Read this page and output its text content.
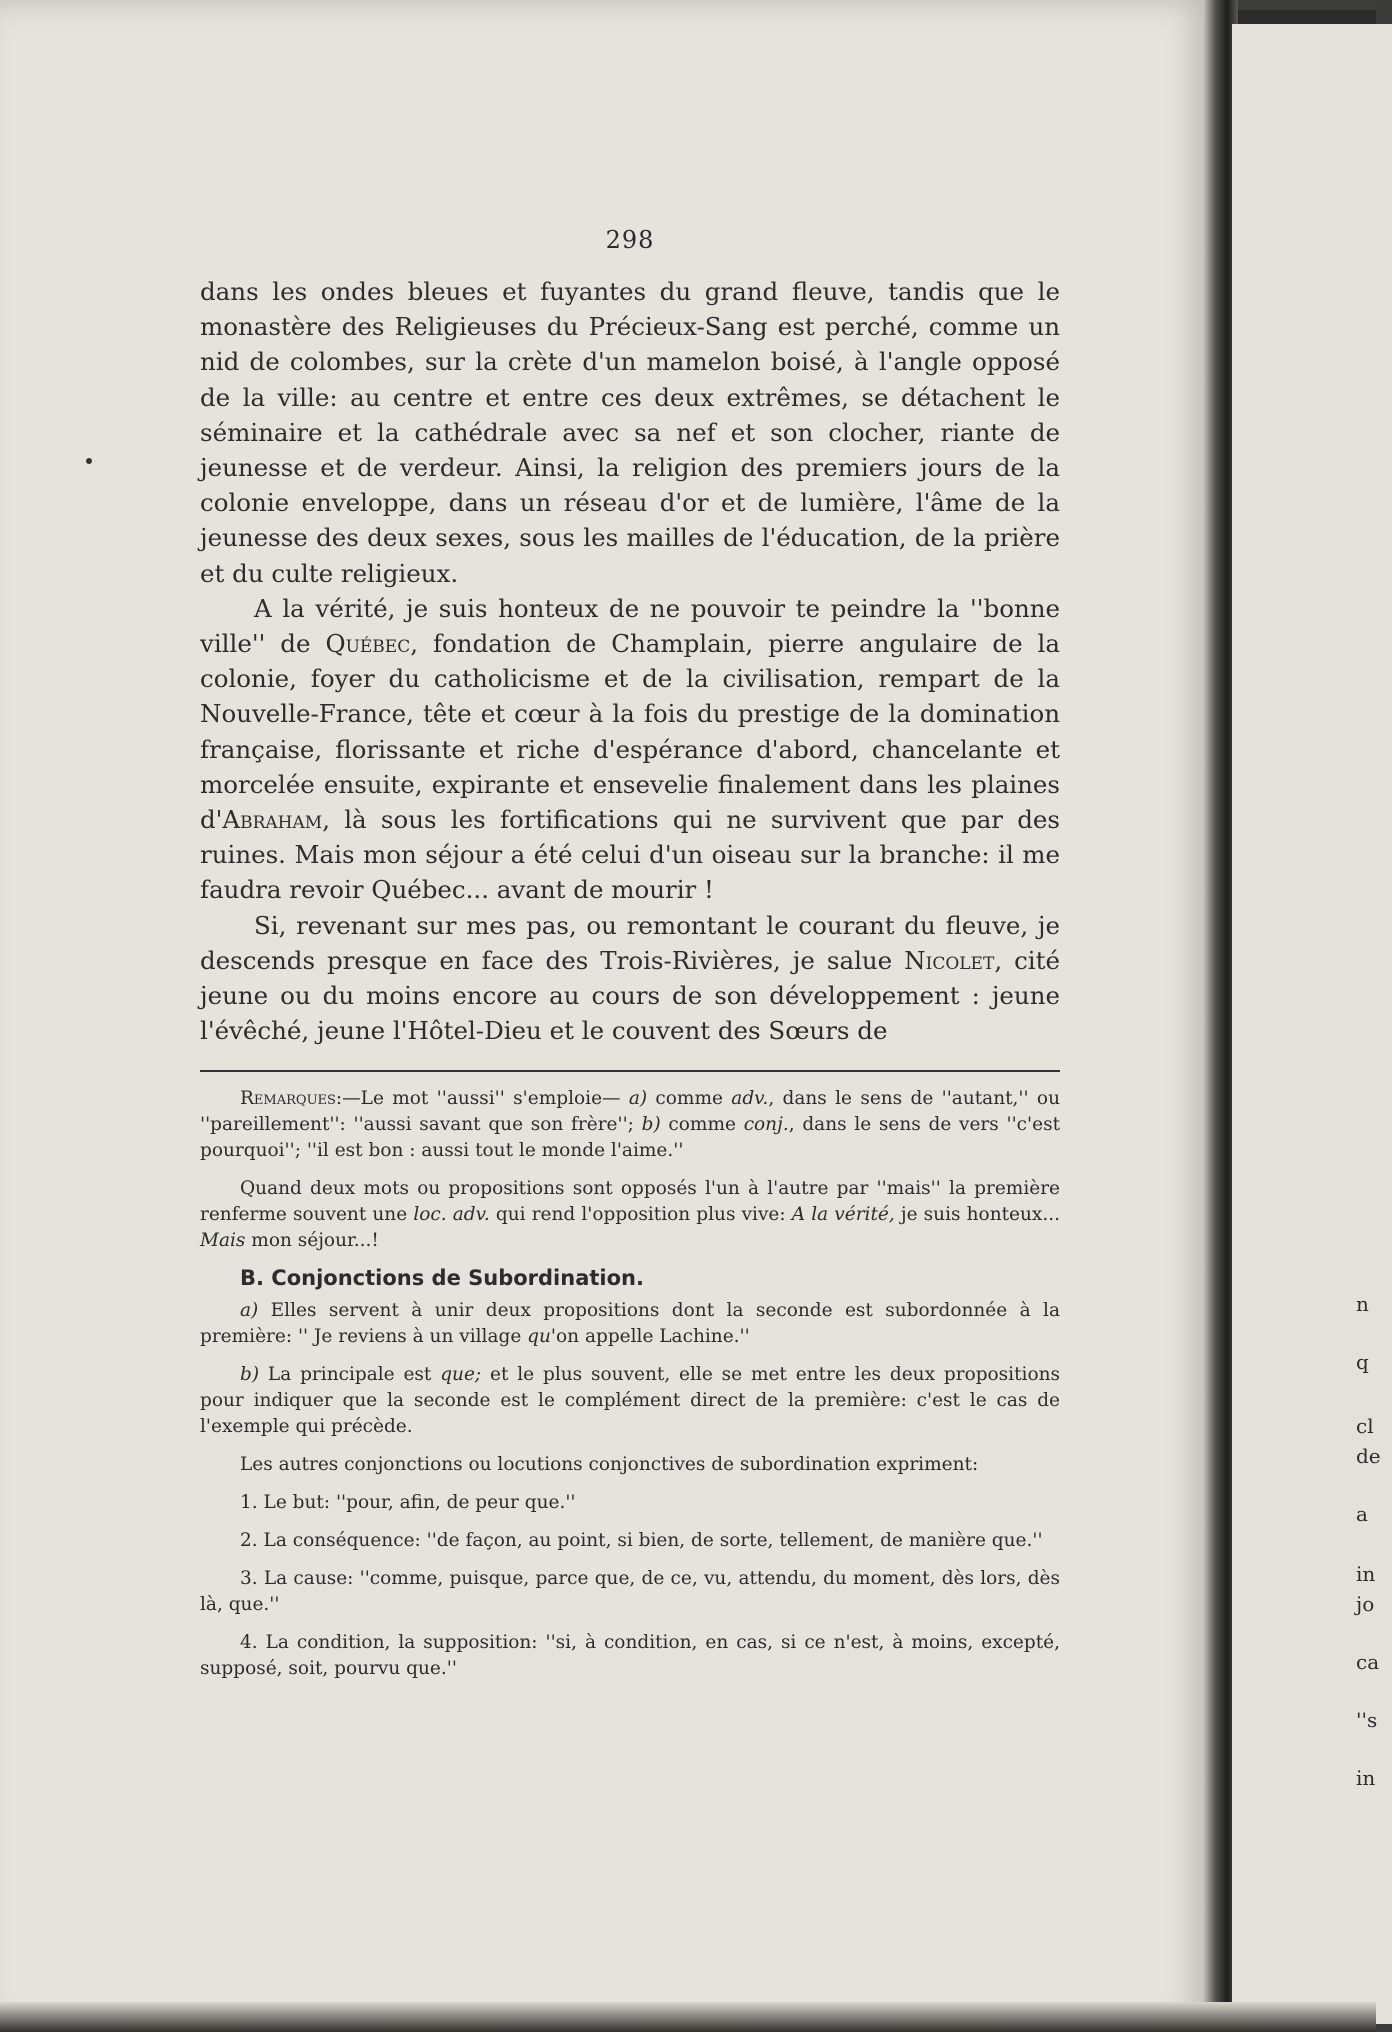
298

dans les ondes bleues et fuyantes du grand fleuve, tandis que le monastère des Religieuses du Précieux-Sang est perché, comme un nid de colombes, sur la crète d'un mamelon boisé, à l'angle opposé de la ville: au centre et entre ces deux extrêmes, se détachent le séminaire et la cathédrale avec sa nef et son clocher, riante de jeunesse et de verdeur. Ainsi, la religion des premiers jours de la colonie enveloppe, dans un réseau d'or et de lumière, l'âme de la jeunesse des deux sexes, sous les mailles de l'éducation, de la prière et du culte religieux.

A la vérité, je suis honteux de ne pouvoir te peindre la ''bonne ville'' de Québec, fondation de Champlain, pierre angulaire de la colonie, foyer du catholicisme et de la civilisation, rempart de la Nouvelle-France, tête et cœur à la fois du prestige de la domination française, florissante et riche d'espérance d'abord, chancelante et morcelée ensuite, expirante et ensevelie finalement dans les plaines d'Abraham, là sous les fortifications qui ne survivent que par des ruines. Mais mon séjour a été celui d'un oiseau sur la branche: il me faudra revoir Québec... avant de mourir !

Si, revenant sur mes pas, ou remontant le courant du fleuve, je descends presque en face des Trois-Rivières, je salue Nicolet, cité jeune ou du moins encore au cours de son développement : jeune l'évêché, jeune l'Hôtel-Dieu et le couvent des Sœurs de

Remarques:—Le mot ''aussi'' s'emploie— a) comme adv., dans le sens de ''autant,'' ou ''pareillement'': ''aussi savant que son frère''; b) comme conj., dans le sens de vers ''c'est pourquoi''; ''il est bon : aussi tout le monde l'aime.''

Quand deux mots ou propositions sont opposés l'un à l'autre par ''mais'' la première renferme souvent une loc. adv. qui rend l'opposition plus vive: A la vérité, je suis honteux... Mais mon séjour...!

B. Conjonctions de Subordination.

a) Elles servent à unir deux propositions dont la seconde est subordonnée à la première: '' Je reviens à un village qu'on appelle Lachine.''

b) La principale est que; et le plus souvent, elle se met entre les deux propositions pour indiquer que la seconde est le complément direct de la première: c'est le cas de l'exemple qui précède.

Les autres conjonctions ou locutions conjonctives de subordination expriment:

1. Le but: ''pour, afin, de peur que.''

2. La conséquence: ''de façon, au point, si bien, de sorte, tellement, de manière que.''

3. La cause: ''comme, puisque, parce que, de ce, vu, attendu, du moment, dès lors, dès là, que.''

4. La condition, la supposition: ''si, à condition, en cas, si ce n'est, à moins, excepté, supposé, soit, pourvu que.''

n
q
cl
de
a
in
jo
ca
''s
in
